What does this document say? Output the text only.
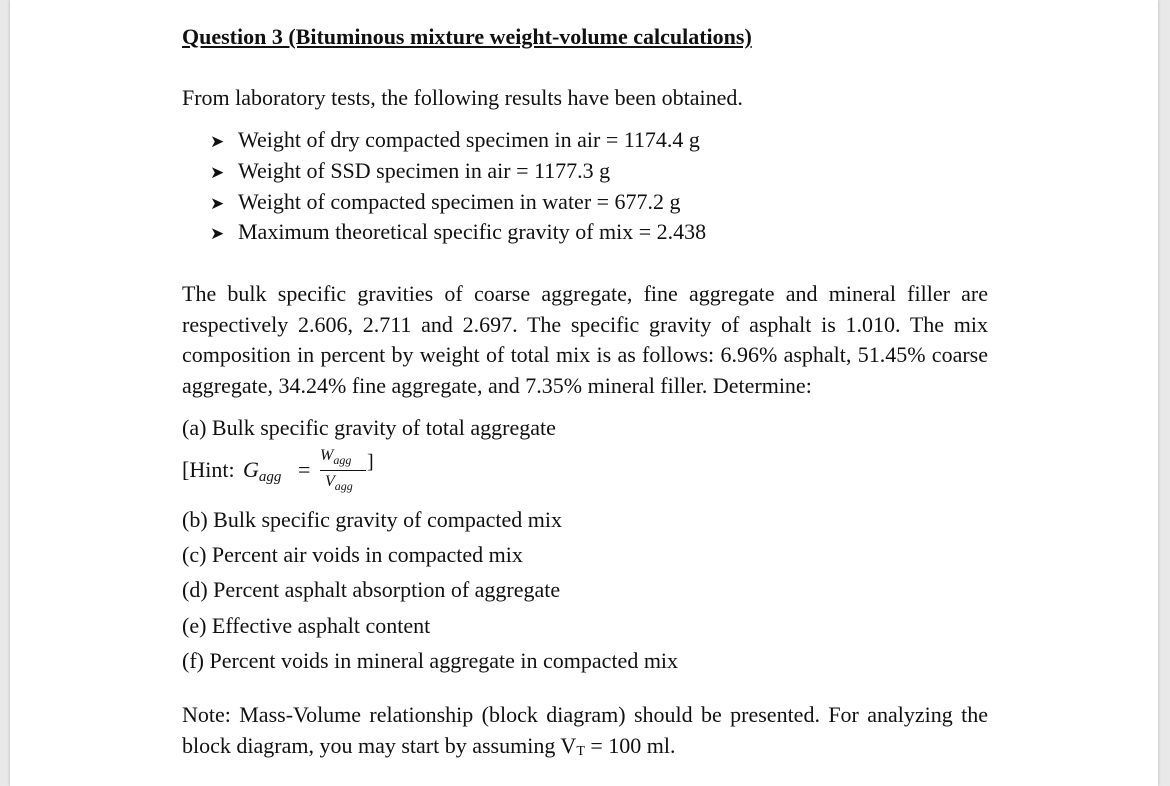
Question 3 (Bituminous mixture weight-volume calculations)
From laboratory tests, the following results have been obtained.
➤ Weight of dry compacted specimen in air = 1174.4 g
➤ Weight of SSD specimen in air = 1177.3 g
➤ Weight of compacted specimen in water = 677.2 g
➤ Maximum theoretical specific gravity of mix = 2.438
The bulk specific gravities of coarse aggregate, fine aggregate and mineral filler are respectively 2.606, 2.711 and 2.697. The specific gravity of asphalt is 1.010. The mix composition in percent by weight of total mix is as follows: 6.96% asphalt, 51.45% coarse aggregate, 34.24% fine aggregate, and 7.35% mineral filler. Determine:
(a) Bulk specific gravity of total aggregate
[Hint: $G_{agg}$ =
$W_{agg}$
$V_{agg}$
]
(b) Bulk specific gravity of compacted mix
(c) Percent air voids in compacted mix
(d) Percent asphalt absorption of aggregate
(e) Effective asphalt content
(f) Percent voids in mineral aggregate in compacted mix
Note: Mass-Volume relationship (block diagram) should be presented. For analyzing the block diagram, you may start by assuming $V_T = 100$ ml.
